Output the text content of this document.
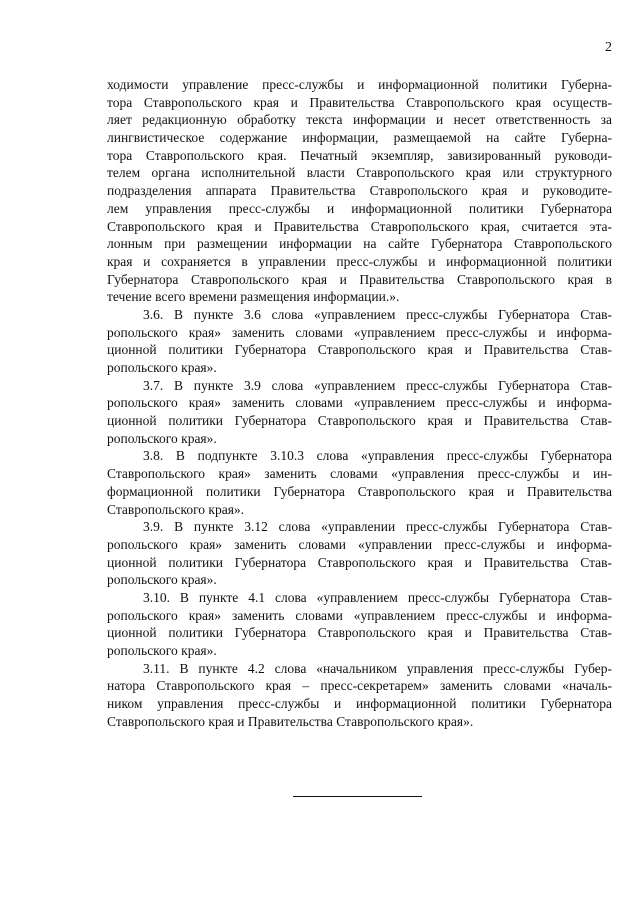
2
ходимости управление пресс-службы и информационной политики Губерна-
тора Ставропольского края и Правительства Ставропольского края осуществ-
ляет редакционную обработку текста информации и несет ответственность за
лингвистическое содержание информации, размещаемой на сайте Губерна-
тора Ставропольского края. Печатный экземпляр, завизированный руководи-
телем органа исполнительной власти Ставропольского края или структурного
подразделения аппарата Правительства Ставропольского края и руководите-
лем управления пресс-службы и информационной политики Губернатора
Ставропольского края и Правительства Ставропольского края, считается эта-
лонным при размещении информации на сайте Губернатора Ставропольского
края и сохраняется в управлении пресс-службы и информационной политики
Губернатора Ставропольского края и Правительства Ставропольского края в
течение всего времени размещения информации.».
3.6. В пункте 3.6 слова «управлением пресс-службы Губернатора Став-
ропольского края» заменить словами «управлением пресс-службы и информа-
ционной политики Губернатора Ставропольского края и Правительства Став-
ропольского края».
3.7. В пункте 3.9 слова «управлением пресс-службы Губернатора Став-
ропольского края» заменить словами «управлением пресс-службы и информа-
ционной политики Губернатора Ставропольского края и Правительства Став-
ропольского края».
3.8. В подпункте 3.10.3 слова «управления пресс-службы Губернатора
Ставропольского края» заменить словами «управления пресс-службы и ин-
формационной политики Губернатора Ставропольского края и Правительства
Ставропольского края».
3.9. В пункте 3.12 слова «управлении пресс-службы Губернатора Став-
ропольского края» заменить словами «управлении пресс-службы и информа-
ционной политики Губернатора Ставропольского края и Правительства Став-
ропольского края».
3.10. В пункте 4.1 слова «управлением пресс-службы Губернатора Став-
ропольского края» заменить словами «управлением пресс-службы и информа-
ционной политики Губернатора Ставропольского края и Правительства Став-
ропольского края».
3.11. В пункте 4.2 слова «начальником управления пресс-службы Губер-
натора Ставропольского края – пресс-секретарем» заменить словами «началь-
ником управления пресс-службы и информационной политики Губернатора
Ставропольского края и Правительства Ставропольского края».
